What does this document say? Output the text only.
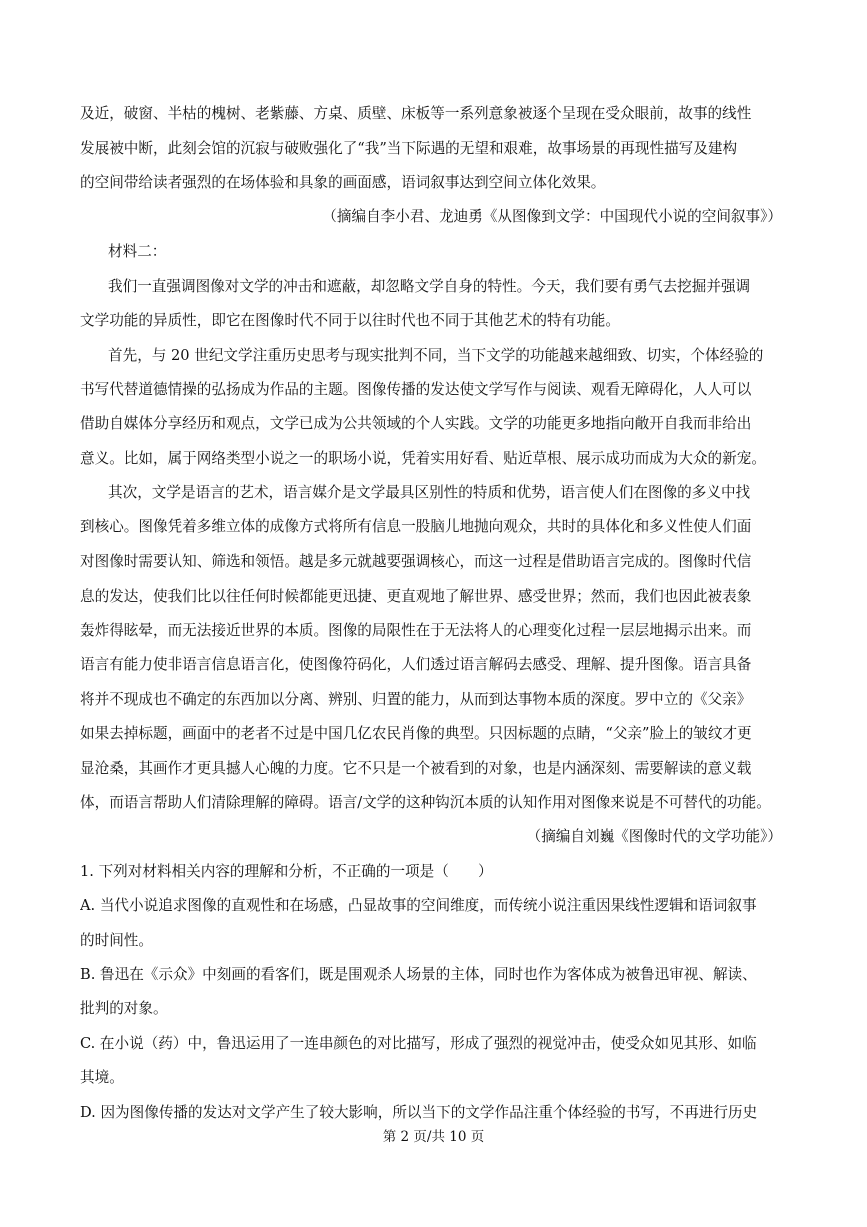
及近，破窗、半枯的槐树、老紫藤、方桌、质壁、床板等一系列意象被逐个呈现在受众眼前，故事的线性
发展被中断，此刻会馆的沉寂与破败强化了“我”当下际遇的无望和艰难，故事场景的再现性描写及建构
的空间带给读者强烈的在场体验和具象的画面感，语词叙事达到空间立体化效果。
（摘编自李小君、龙迪勇《从图像到文学：中国现代小说的空间叙事》）
材料二：
我们一直强调图像对文学的冲击和遮蔽，却忽略文学自身的特性。今天，我们要有勇气去挖掘并强调
文学功能的异质性，即它在图像时代不同于以往时代也不同于其他艺术的特有功能。
首先，与 20 世纪文学注重历史思考与现实批判不同，当下文学的功能越来越细致、切实，个体经验的
书写代替道德情操的弘扬成为作品的主题。图像传播的发达使文学写作与阅读、观看无障碍化，人人可以
借助自媒体分享经历和观点，文学已成为公共领域的个人实践。文学的功能更多地指向敞开自我而非给出
意义。比如，属于网络类型小说之一的职场小说，凭着实用好看、贴近草根、展示成功而成为大众的新宠。
其次，文学是语言的艺术，语言媒介是文学最具区别性的特质和优势，语言使人们在图像的多义中找
到核心。图像凭着多维立体的成像方式将所有信息一股脑儿地抛向观众，共时的具体化和多义性使人们面
对图像时需要认知、筛选和领悟。越是多元就越要强调核心，而这一过程是借助语言完成的。图像时代信
息的发达，使我们比以往任何时候都能更迅捷、更直观地了解世界、感受世界；然而，我们也因此被表象
轰炸得眩晕，而无法接近世界的本质。图像的局限性在于无法将人的心理变化过程一层层地揭示出来。而
语言有能力使非语言信息语言化，使图像符码化，人们透过语言解码去感受、理解、提升图像。语言具备
将并不现成也不确定的东西加以分离、辨别、归置的能力，从而到达事物本质的深度。罗中立的《父亲》
如果去掉标题，画面中的老者不过是中国几亿农民肖像的典型。只因标题的点睛，“父亲”脸上的皱纹才更
显沧桑，其画作才更具撼人心魄的力度。它不只是一个被看到的对象，也是内涵深刻、需要解读的意义载
体，而语言帮助人们清除理解的障碍。语言/文学的这种钩沉本质的认知作用对图像来说是不可替代的功能。
（摘编自刘巍《图像时代的文学功能》）
1. 下列对材料相关内容的理解和分析，不正确的一项是（　　）
A. 当代小说追求图像的直观性和在场感，凸显故事的空间维度，而传统小说注重因果线性逻辑和语词叙事
的时间性。
B. 鲁迅在《示众》中刻画的看客们，既是围观杀人场景的主体，同时也作为客体成为被鲁迅审视、解读、
批判的对象。
C. 在小说（药）中，鲁迅运用了一连串颜色的对比描写，形成了强烈的视觉冲击，使受众如见其形、如临
其境。
D. 因为图像传播的发达对文学产生了较大影响，所以当下的文学作品注重个体经验的书写，不再进行历史
第 2 页/共 10 页
